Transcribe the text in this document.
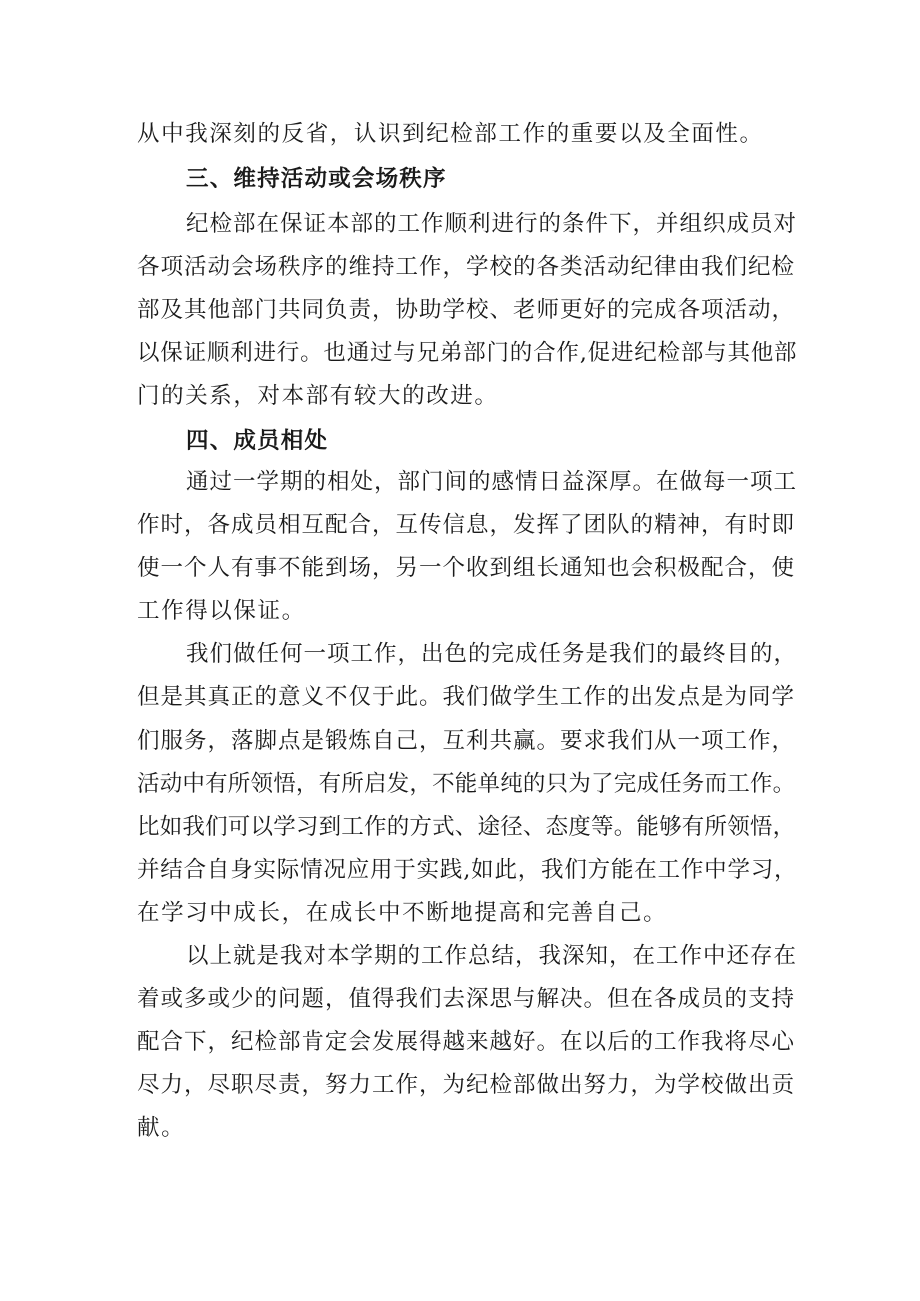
从中我深刻的反省，认识到纪检部工作的重要以及全面性。
三、维持活动或会场秩序
纪检部在保证本部的工作顺利进行的条件下，并组织成员对
各项活动会场秩序的维持工作，学校的各类活动纪律由我们纪检
部及其他部门共同负责，协助学校、老师更好的完成各项活动，
以保证顺利进行。也通过与兄弟部门的合作,促进纪检部与其他部
门的关系，对本部有较大的改进。
四、成员相处
通过一学期的相处，部门间的感情日益深厚。在做每一项工
作时，各成员相互配合，互传信息，发挥了团队的精神，有时即
使一个人有事不能到场，另一个收到组长通知也会积极配合，使
工作得以保证。
我们做任何一项工作，出色的完成任务是我们的最终目的，
但是其真正的意义不仅于此。我们做学生工作的出发点是为同学
们服务，落脚点是锻炼自己，互利共赢。要求我们从一项工作，
活动中有所领悟，有所启发，不能单纯的只为了完成任务而工作。
比如我们可以学习到工作的方式、途径、态度等。能够有所领悟，
并结合自身实际情况应用于实践,如此，我们方能在工作中学习，
在学习中成长，在成长中不断地提高和完善自己。
以上就是我对本学期的工作总结，我深知，在工作中还存在
着或多或少的问题，值得我们去深思与解决。但在各成员的支持
配合下，纪检部肯定会发展得越来越好。在以后的工作我将尽心
尽力，尽职尽责，努力工作，为纪检部做出努力，为学校做出贡
献。
